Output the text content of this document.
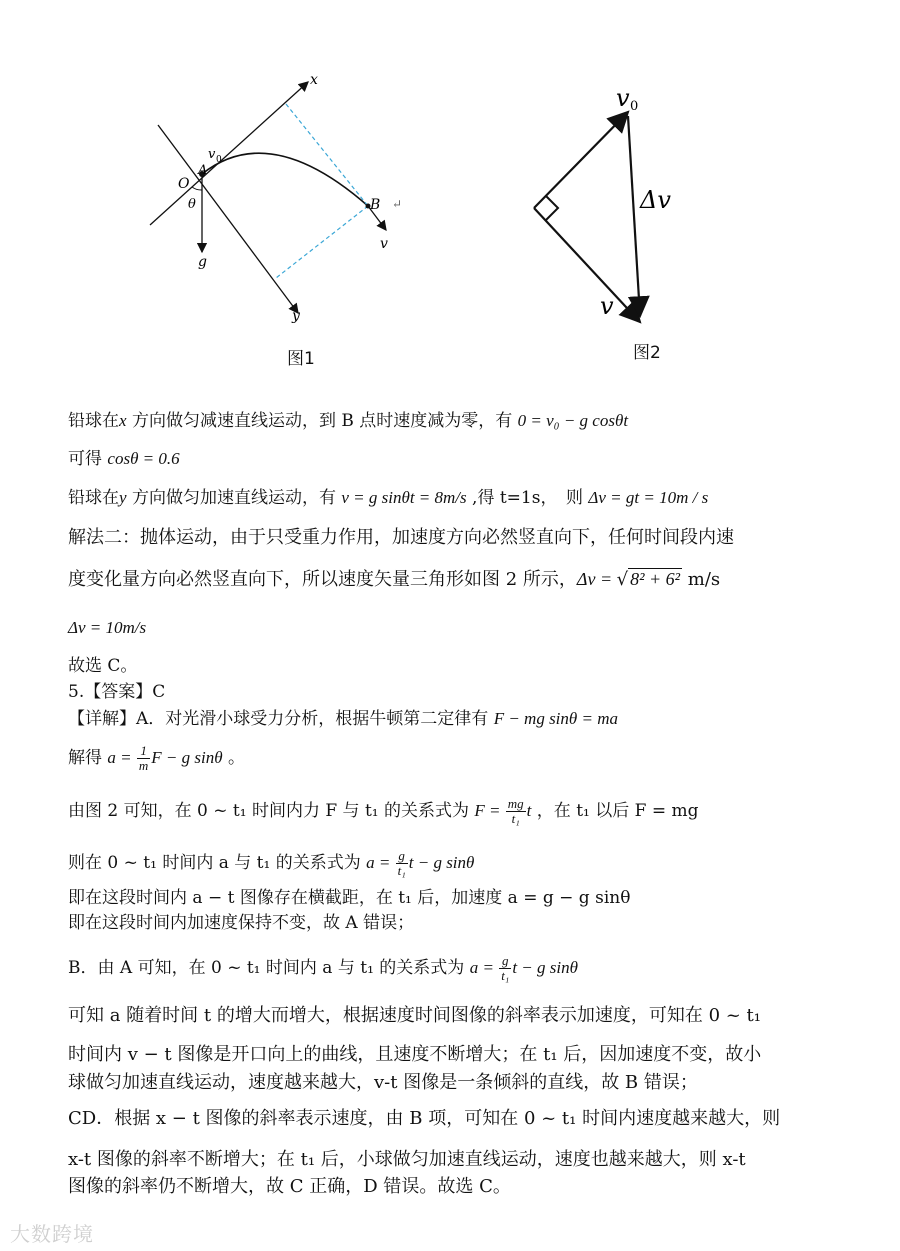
x
y
O
A
v 0
B
θ
g
v
↵
图1
v 0
Δv
v
图2
铅球在x 方向做匀减速直线运动，到 B 点时速度减为零，有 0 = v₀ − g cosθt
可得 cosθ = 0.6
铅球在y 方向做匀加速直线运动，有 v = g sinθt = 8m/s ,得 t=1s，　则 Δv = gt = 10m / s
解法二：抛体运动，由于只受重力作用，加速度方向必然竖直向下，任何时间段内速
度变化量方向必然竖直向下，所以速度矢量三角形如图 2 所示，Δv = √ 8² + 6² m/s
Δv = 10m/s
故选 C。
5.【答案】C
【详解】A．对光滑小球受力分析，根据牛顿第二定律有 F − mg sinθ = ma
解得 $a = \frac{1}{m}$ F − g sinθ 。
由图 2 可知，在 0 ~ t₁ 时间内力 F 与 t₁ 的关系式为 $F = \frac{mg}{\text{t₁}}$ t ，在 t₁ 以后 F = mg
则在 0 ~ t₁ 时间内 a 与 t₁ 的关系式为 $a = \frac{g}{\text{t₁}}$ t − g sinθ
即在这段时间内 a − t 图像存在横截距，在 t₁ 后，加速度 a = g − g sinθ
即在这段时间内加速度保持不变，故 A 错误；
B．由 A 可知，在 0 ~ t₁ 时间内 a 与 t₁ 的关系式为 $a = \frac{g}{\text{t₁}}$ t − g sinθ
可知 a 随着时间 t 的增大而增大，根据速度时间图像的斜率表示加速度，可知在 0 ~ t₁
时间内 v − t 图像是开口向上的曲线，且速度不断增大；在 t₁ 后，因加速度不变，故小
球做匀加速直线运动，速度越来越大，v-t 图像是一条倾斜的直线，故 B 错误；
CD．根据 x − t 图像的斜率表示速度，由 B 项，可知在 0 ~ t₁ 时间内速度越来越大，则
x-t 图像的斜率不断增大；在 t₁ 后，小球做匀加速直线运动，速度也越来越大，则 x-t
图像的斜率仍不断增大，故 C 正确，D 错误。故选 C。
大数跨境
